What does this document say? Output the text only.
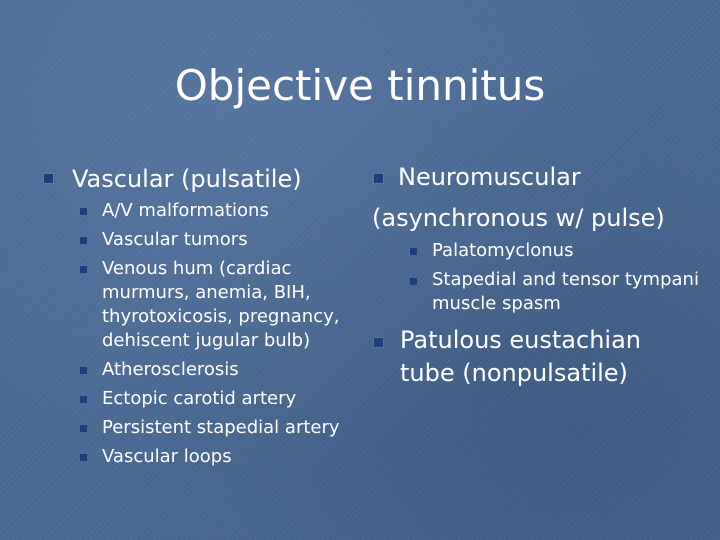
Objective tinnitus
Vascular (pulsatile)
A/V malformations
Vascular tumors
Venous hum (cardiac
murmurs, anemia, BIH,
thyrotoxicosis, pregnancy,
dehiscent jugular bulb)
Atherosclerosis
Ectopic carotid artery
Persistent stapedial artery
Vascular loops
Neuromuscular
(asynchronous w/ pulse)
Palatomyclonus
Stapedial and tensor tympani
muscle spasm
Patulous eustachian
tube (nonpulsatile)
